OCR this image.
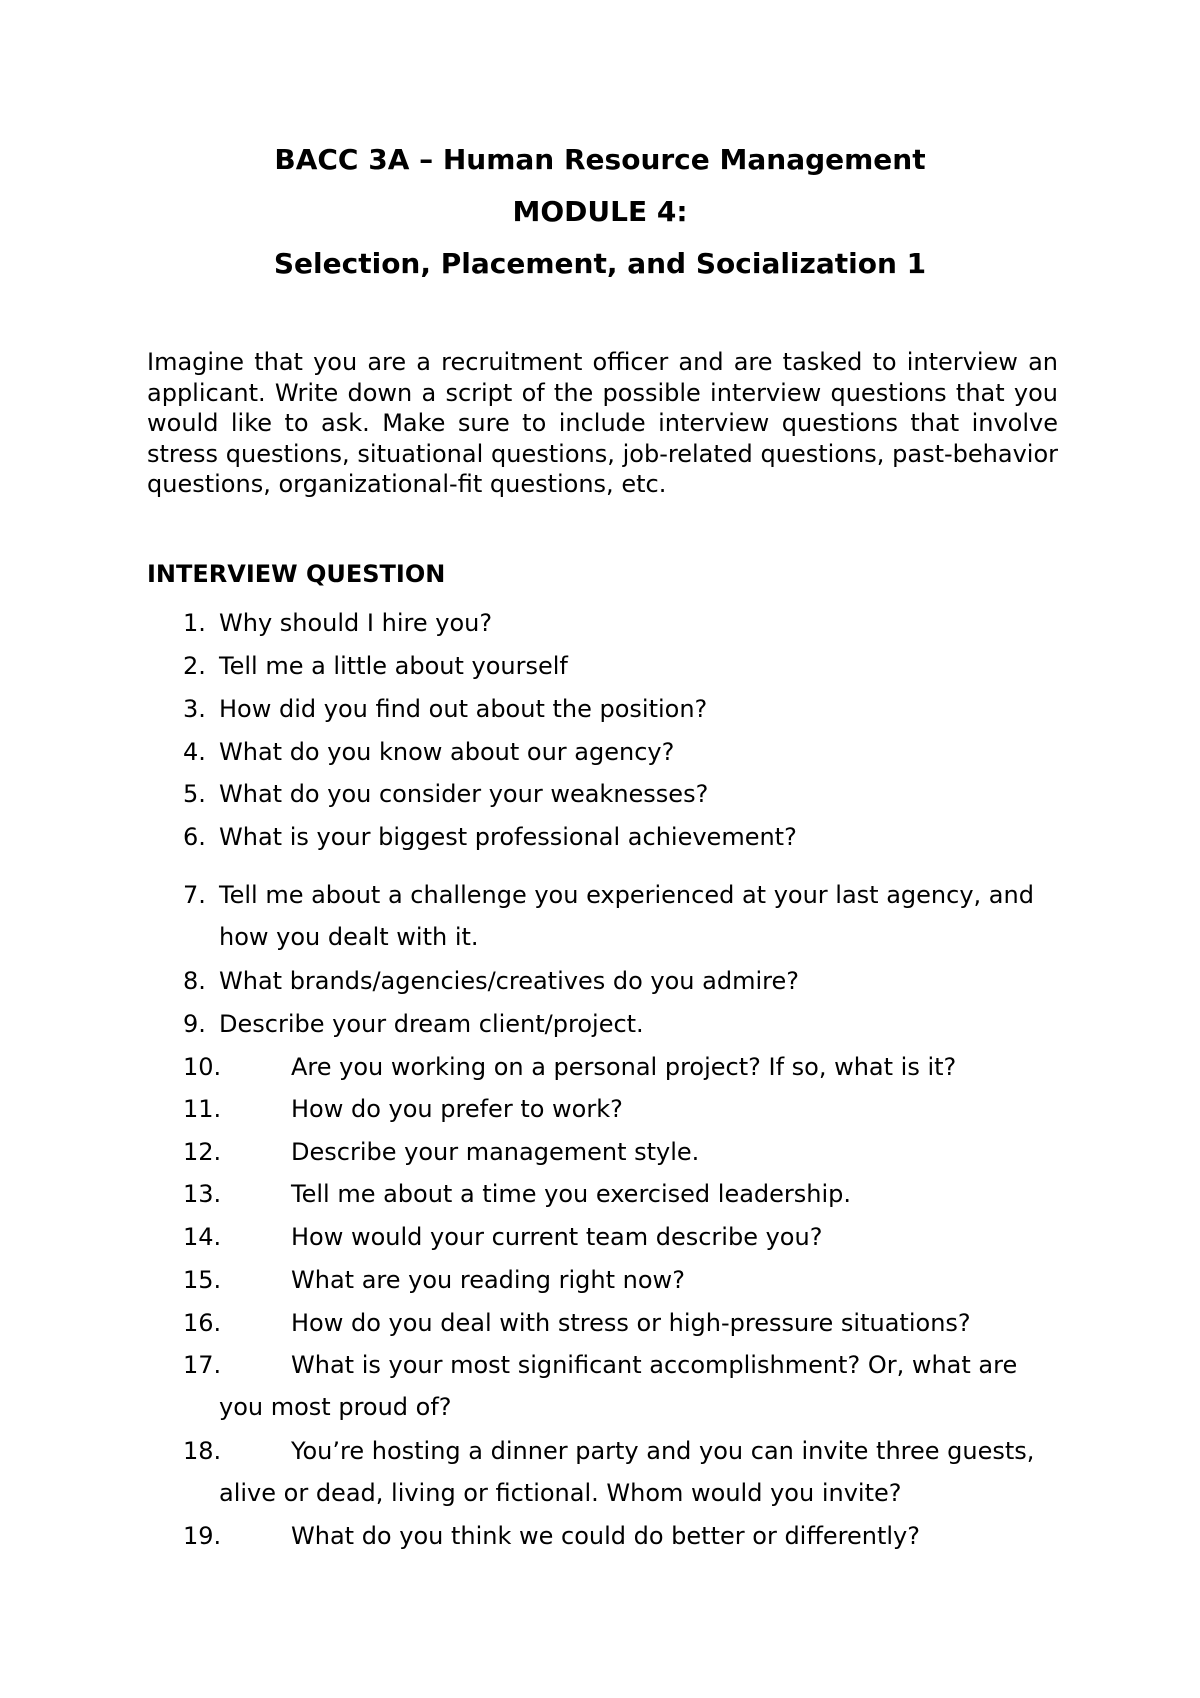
BACC 3A – Human Resource Management
MODULE 4:
Selection, Placement, and Socialization 1
Imagine that you are a recruitment officer and are tasked to interview an applicant. Write down a script of the possible interview questions that you would like to ask. Make sure to include interview questions that involve stress questions, situational questions, job-related questions, past-behavior questions, organizational-fit questions, etc.
INTERVIEW QUESTION
1. Why should I hire you?
2. Tell me a little about yourself
3. How did you find out about the position?
4. What do you know about our agency?
5. What do you consider your weaknesses?
6. What is your biggest professional achievement?
7. Tell me about a challenge you experienced at your last agency, and
how you dealt with it.
8. What brands/agencies/creatives do you admire?
9. Describe your dream client/project.
10.	Are you working on a personal project? If so, what is it?
11.	How do you prefer to work?
12.	Describe your management style.
13.	Tell me about a time you exercised leadership.
14.	How would your current team describe you?
15.	What are you reading right now?
16.	How do you deal with stress or high-pressure situations?
17.	What is your most significant accomplishment? Or, what are
you most proud of?
18.	You’re hosting a dinner party and you can invite three guests,
alive or dead, living or fictional. Whom would you invite?
19.	What do you think we could do better or differently?
